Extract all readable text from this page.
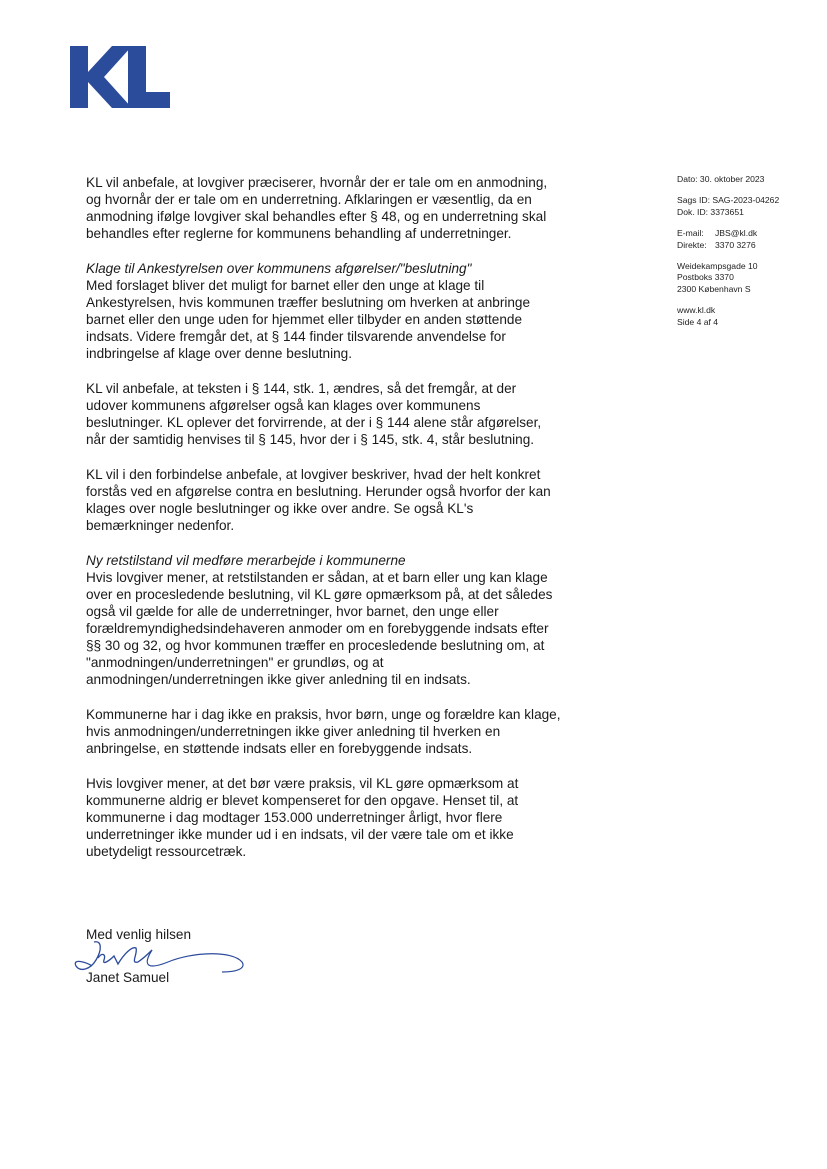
KL vil anbefale, at lovgiver præciserer, hvornår der er tale om en anmodning, og hvornår der er tale om en underretning. Afklaringen er væsentlig, da en anmodning ifølge lovgiver skal behandles efter § 48, og en underretning skal behandles efter reglerne for kommunens behandling af underretninger.

Klage til Ankestyrelsen over kommunens afgørelser/"beslutning"
Med forslaget bliver det muligt for barnet eller den unge at klage til Ankestyrelsen, hvis kommunen træffer beslutning om hverken at anbringe barnet eller den unge uden for hjemmet eller tilbyder en anden støttende indsats. Videre fremgår det, at § 144 finder tilsvarende anvendelse for indbringelse af klage over denne beslutning.

KL vil anbefale, at teksten i § 144, stk. 1, ændres, så det fremgår, at der udover kommunens afgørelser også kan klages over kommunens beslutninger. KL oplever det forvirrende, at der i § 144 alene står afgørelser, når der samtidig henvises til § 145, hvor der i § 145, stk. 4, står beslutning.

KL vil i den forbindelse anbefale, at lovgiver beskriver, hvad der helt konkret forstås ved en afgørelse contra en beslutning. Herunder også hvorfor der kan klages over nogle beslutninger og ikke over andre. Se også KL's bemærkninger nedenfor.

Ny retstilstand vil medføre merarbejde i kommunerne
Hvis lovgiver mener, at retstilstanden er sådan, at et barn eller ung kan klage over en procesledende beslutning, vil KL gøre opmærksom på, at det således også vil gælde for alle de underretninger, hvor barnet, den unge eller forældremyndighedsindehaveren anmoder om en forebyggende indsats efter §§ 30 og 32, og hvor kommunen træffer en procesledende beslutning om, at "anmodningen/underretningen" er grundløs, og at anmodningen/underretningen ikke giver anledning til en indsats.

Kommunerne har i dag ikke en praksis, hvor børn, unge og forældre kan klage, hvis anmodningen/underretningen ikke giver anledning til hverken en anbringelse, en støttende indsats eller en forebyggende indsats.

Hvis lovgiver mener, at det bør være praksis, vil KL gøre opmærksom at kommunerne aldrig er blevet kompenseret for den opgave. Henset til, at kommunerne i dag modtager 153.000 underretninger årligt, hvor flere underretninger ikke munder ud i en indsats, vil der være tale om et ikke ubetydeligt ressourcetræk.

Dato: 30. oktober 2023
Sags ID: SAG-2023-04262
Dok. ID: 3373651
E-mail: JBS@kl.dk
Direkte: 3370 3276
Weidekampsgade 10
Postboks 3370
2300 København S
www.kl.dk
Side 4 af 4
Med venlig hilsen
Janet Samuel
